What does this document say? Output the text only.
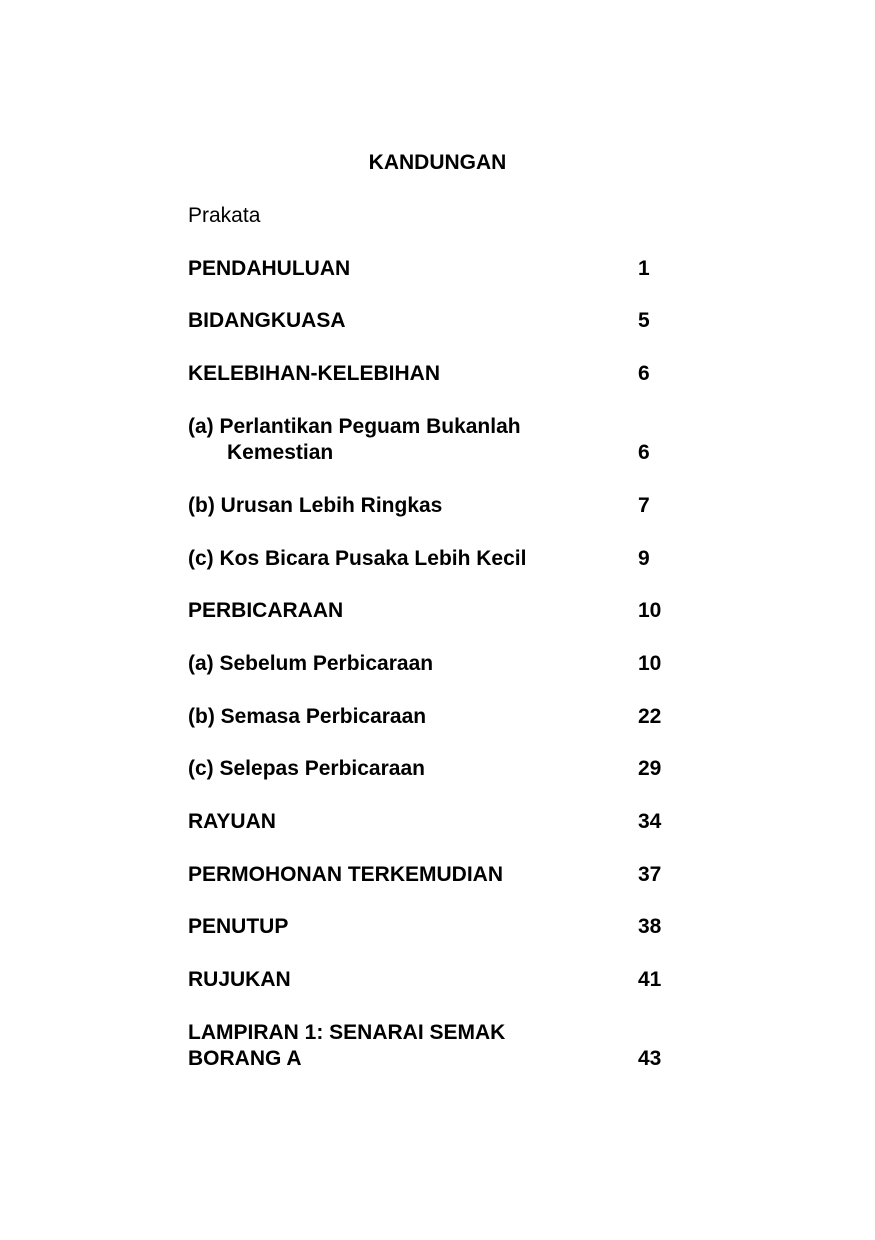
KANDUNGAN
Prakata
PENDAHULUAN	1
BIDANGKUASA	5
KELEBIHAN-KELEBIHAN	6
(a) Perlantikan Peguam Bukanlah
Kemestian	6
(b) Urusan Lebih Ringkas	7
(c) Kos Bicara Pusaka Lebih Kecil	9
PERBICARAAN	10
(a) Sebelum Perbicaraan	10
(b) Semasa Perbicaraan	22
(c) Selepas Perbicaraan	29
RAYUAN	34
PERMOHONAN TERKEMUDIAN	37
PENUTUP	38
RUJUKAN	41
LAMPIRAN 1: SENARAI SEMAK
BORANG A	43
